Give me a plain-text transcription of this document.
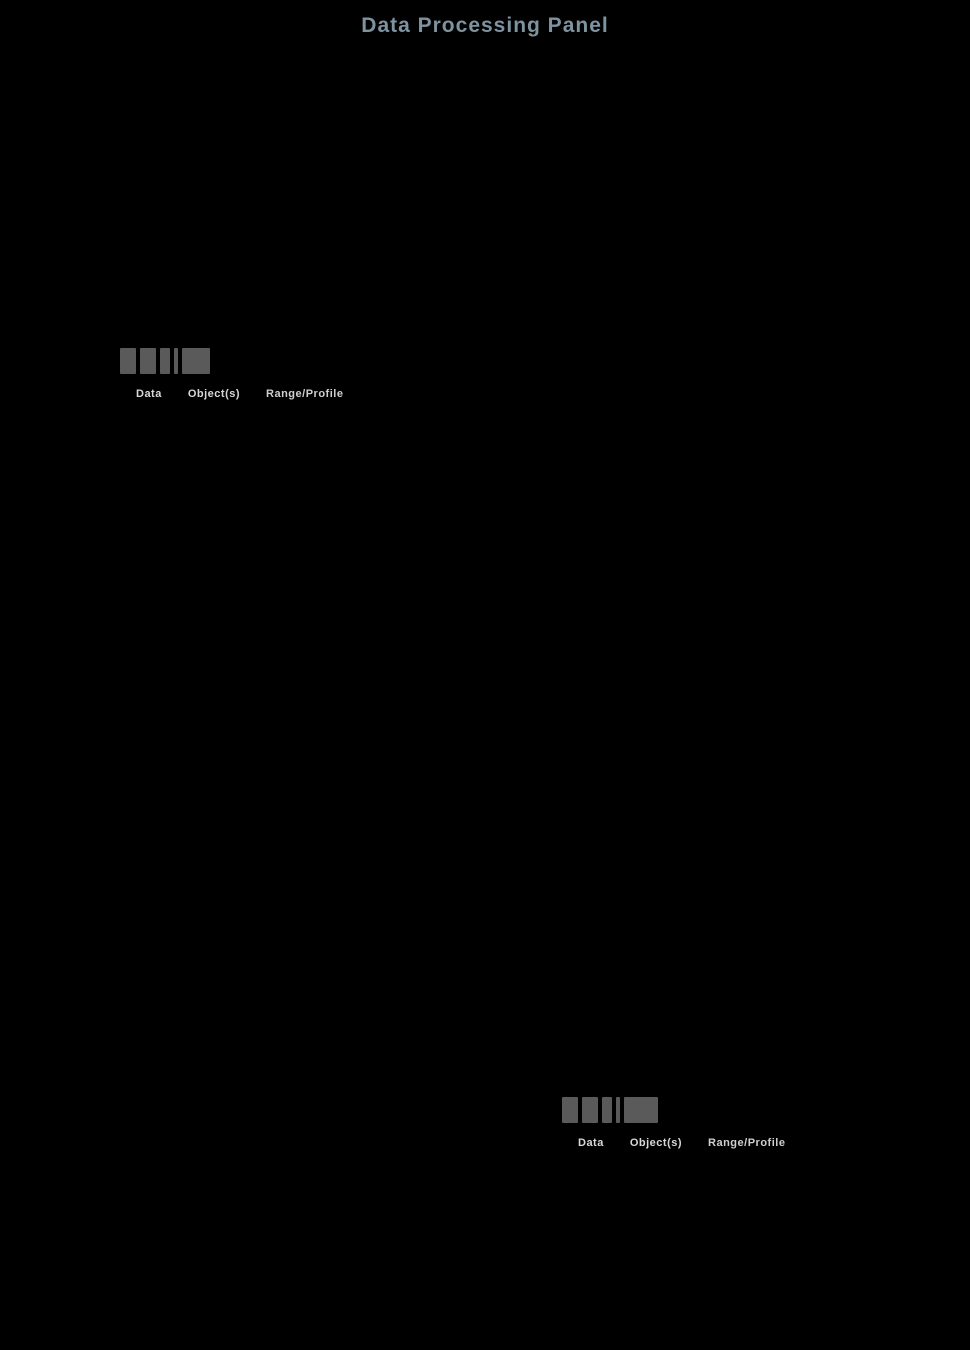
Data Processing Panel
Data Object(s) Range/Profile
Data Object(s) Range/Profile
